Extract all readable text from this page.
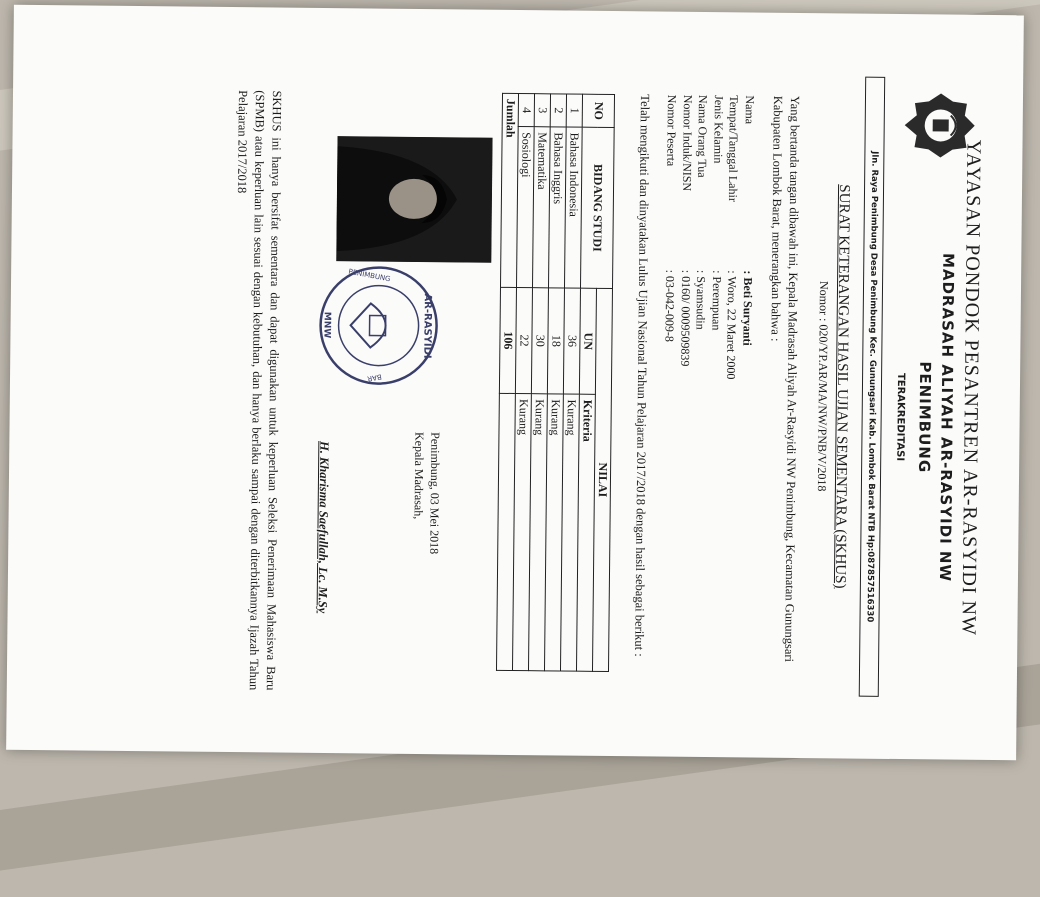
YAYASAN PONDOK PESANTREN AR-RASYIDI NW
MADRASAH ALIYAH AR-RASYIDI NW
PENIMBUNG
TERAKREDITASI
Jln. Raya Penimbung Desa Penimbung Kec. Gunungsari Kab. Lombok Barat NTB Hp:087857516330
SURAT KETERANGAN HASIL UJIAN SEMENTARA (SKHUS)
Nomor : 020/YP.AR/MA/NW/PNB/V/2018
Yang bertanda tangan dibawah ini, Kepala Madrasah Aliyah Ar-Rasyidi NW Penimbung, Kecamatan Gunungsari Kabupaten Lombok Barat, menerangkan bahwa :
Nama
: Beti Suryanti
Tempat/Tanggal Lahir
: Woro, 22 Maret 2000
Jenis Kelamin
: Perempuan
Nama Orang Tua
: Syamsudin
Nomor Induk/NISN
: 0160/ 0009509839
Nomor Peserta
: 03-042-009-8
Telah mengikuti dan dinyatakan Lulus Ujian Nasional Tahun Pelajaran 2017/2018 dengan hasil sebagai berikut :
NO	BIDANG STUDI	NILAI	
		UN	Kriteria
1	Bahasa Indonesia	36	Kurang
2	Bahasa Inggris	18	Kurang
3	Matematika	30	Kurang
4	Sosiologi	22	Kurang
Jumlah		106	
AR-RASYIDI
PENIMBUNG
BAR
MNW
Penimbung, 03 Mei 2018
Kepala Madrasah,
H. Kharisma Saefullah, Lc. M.Sy
SKHUS ini hanya bersifat sementara dan dapat digunakan untuk keperluan Seleksi Penerimaan Mahasiswa Baru (SPMB) atau keperluan lain sesuai dengan kebutuhan, dan hanya berlaku sampai dengan diterbitkannya Ijazah Tahun Pelajaran 2017/2018
